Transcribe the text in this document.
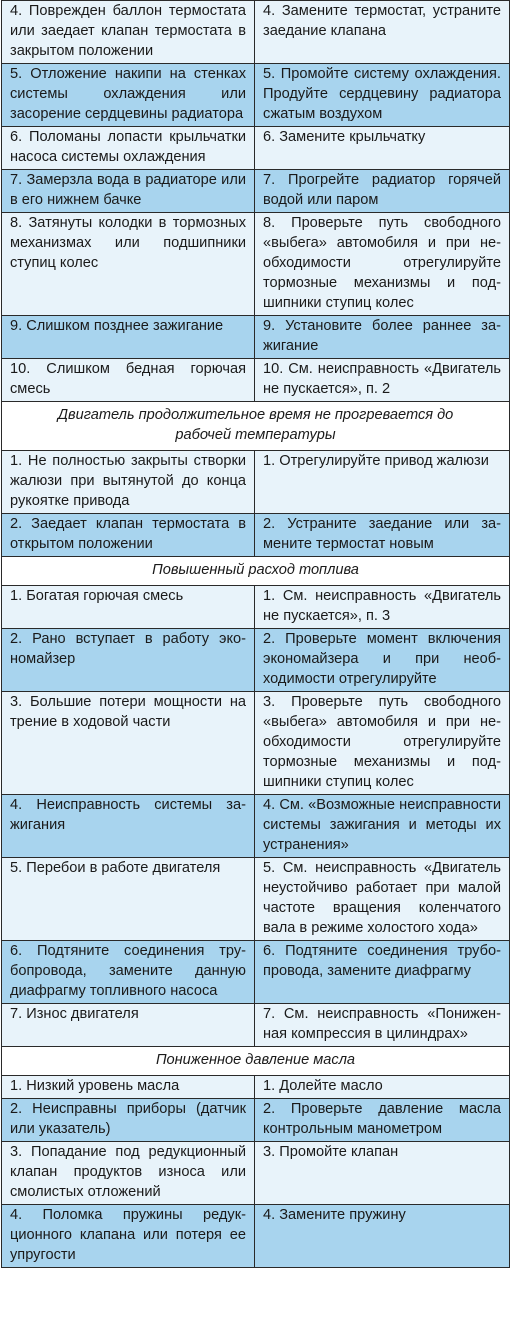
4. Поврежден баллон термостата или заедает клапан термостата в закрытом положении	4. Замените термостат, устраните заедание клапана
5. Отложение накипи на стенках системы охлаждения или засорение сердцевины радиатора	5. Промойте систему охлаждения. Продуйте сердцевину радиатора сжатым воздухом
6. Поломаны лопасти крыльчатки насоса системы охлаждения	6. Замените крыльчатку
7. Замерзла вода в радиаторе или в его нижнем бачке	7. Прогрейте радиатор горячей водой или паром
8. Затянуты колодки в тормозных механизмах или подшипники ступиц колес	8. Проверьте путь свободного «выбега» автомобиля и при необходимости отрегулируйте тормозные механизмы и подшипники ступиц колес
9. Слишком позднее зажигание	9. Установите более раннее зажигание
10. Слишком бедная горючая смесь	10. См. неисправность «Двигатель не пускается», п. 2
Двигатель продолжительное время не прогревается до рабочей температуры	
1. Не полностью закрыты створки жалюзи при вытянутой до конца рукоятке привода	1. Отрегулируйте привод жалюзи
2. Заедает клапан термостата в открытом положении	2. Устраните заедание или замените термостат новым
Повышенный расход топлива	
1. Богатая горючая смесь	1. См. неисправность «Двигатель не пускается», п. 3
2. Рано вступает в работу экономайзер	2. Проверьте момент включения экономайзера и при необходимости отрегулируйте
3. Большие потери мощности на трение в ходовой части	3. Проверьте путь свободного «выбега» автомобиля и при необходимости отрегулируйте тормозные механизмы и подшипники ступиц колес
4. Неисправность системы зажигания	4. См. «Возможные неисправности системы зажигания и методы их устранения»
5. Перебои в работе двигателя	5. См. неисправность «Двигатель неустойчиво работает при малой частоте вращения коленчатого вала в режиме холостого хода»
6. Подтяните соединения трубопровода, замените данную диафрагму топливного насоса	6. Подтяните соединения трубопровода, замените диафрагму
7. Износ двигателя	7. См. неисправность «Пониженная компрессия в цилиндрах»
Пониженное давление масла	
1. Низкий уровень масла	1. Долейте масло
2. Неисправны приборы (датчик или указатель)	2. Проверьте давление масла контрольным манометром
3. Попадание под редукционный клапан продуктов износа или смолистых отложений	3. Промойте клапан
4. Поломка пружины редукционного клапана или потеря ее упругости	4. Замените пружину
